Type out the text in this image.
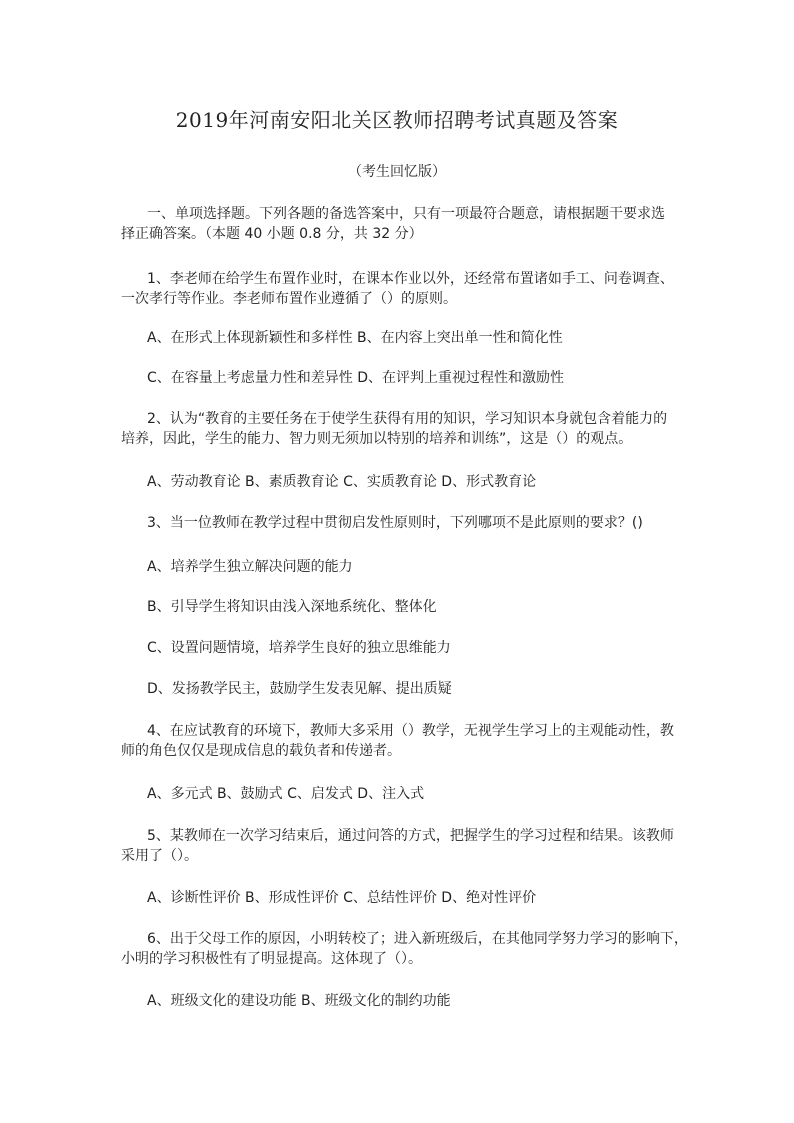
2019年河南安阳北关区教师招聘考试真题及答案
（考生回忆版）
一、单项选择题。下列各题的备选答案中，只有一项最符合题意，请根据题干要求选
择正确答案。（本题 40 小题 0.8 分，共 32 分）
1、李老师在给学生布置作业时，在课本作业以外，还经常布置诸如手工、问卷调查、
一次孝行等作业。李老师布置作业遵循了（）的原则。
A、在形式上体现新颖性和多样性 B、在内容上突出单一性和简化性
C、在容量上考虑量力性和差异性 D、在评判上重视过程性和激励性
2、认为“教育的主要任务在于使学生获得有用的知识，学习知识本身就包含着能力的
培养，因此，学生的能力、智力则无须加以特别的培养和训练”，这是（）的观点。
A、劳动教育论 B、素质教育论 C、实质教育论 D、形式教育论
3、当一位教师在教学过程中贯彻启发性原则时，下列哪项不是此原则的要求？()
A、培养学生独立解决问题的能力
B、引导学生将知识由浅入深地系统化、整体化
C、设置问题情境，培养学生良好的独立思维能力
D、发扬教学民主，鼓励学生发表见解、提出质疑
4、在应试教育的环境下，教师大多采用（）教学，无视学生学习上的主观能动性，教
师的角色仅仅是现成信息的载负者和传递者。
A、多元式 B、鼓励式 C、启发式 D、注入式
5、某教师在一次学习结束后，通过问答的方式，把握学生的学习过程和结果。该教师
采用了（）。
A、诊断性评价 B、形成性评价 C、总结性评价 D、绝对性评价
6、出于父母工作的原因，小明转校了；进入新班级后，在其他同学努力学习的影响下，
小明的学习积极性有了明显提高。这体现了（）。
A、班级文化的建设功能 B、班级文化的制约功能
